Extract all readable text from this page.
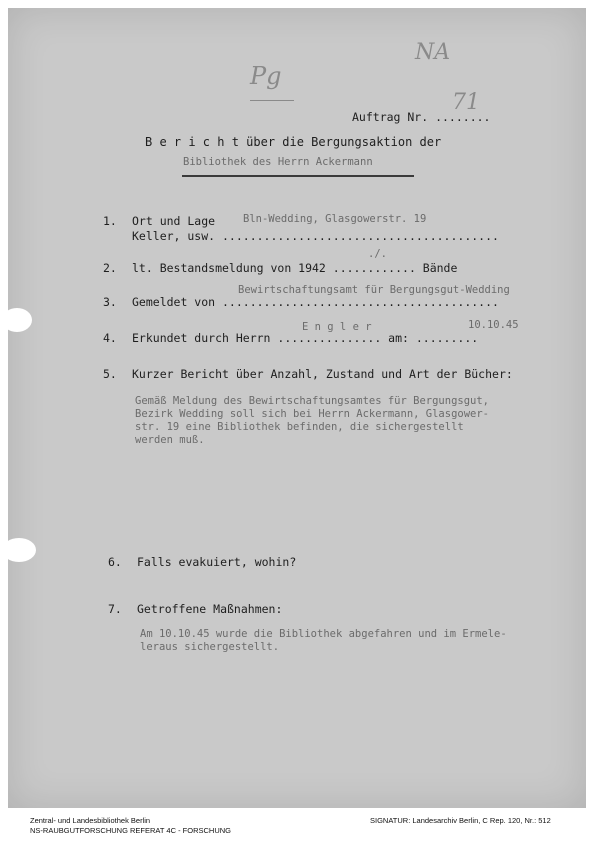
Pg
NA
71
Auftrag Nr. ........
B e r i c h t über die Bergungsaktion der
Bibliothek des Herrn Ackermann
1. Ort und Lage	Bln-Wedding, Glasgowerstr. 19
Keller, usw. ........................................
2. lt. Bestandsmeldung von 1942 ............ Bände
./.
3. Gemeldet von ........................................
Bewirtschaftungsamt für Bergungsgut-Wedding
4. Erkundet durch Herrn ............... am: .........
E n g l e r	10.10.45
5. Kurzer Bericht über Anzahl, Zustand und Art der Bücher:
Gemäß Meldung des Bewirtschaftungsamtes für Bergungsgut,
Bezirk Wedding soll sich bei Herrn Ackermann, Glasgower-
str. 19 eine Bibliothek befinden, die sichergestellt
werden muß.
6. Falls evakuiert, wohin?
7. Getroffene Maßnahmen:
Am 10.10.45 wurde die Bibliothek abgefahren und im Ermele-
leraus sichergestellt.
Zentral- und Landesbibliothek Berlin
NS-RAUBGUTFORSCHUNG REFERAT 4C - FORSCHUNG
SIGNATUR: Landesarchiv Berlin, C Rep. 120, Nr.: 512
